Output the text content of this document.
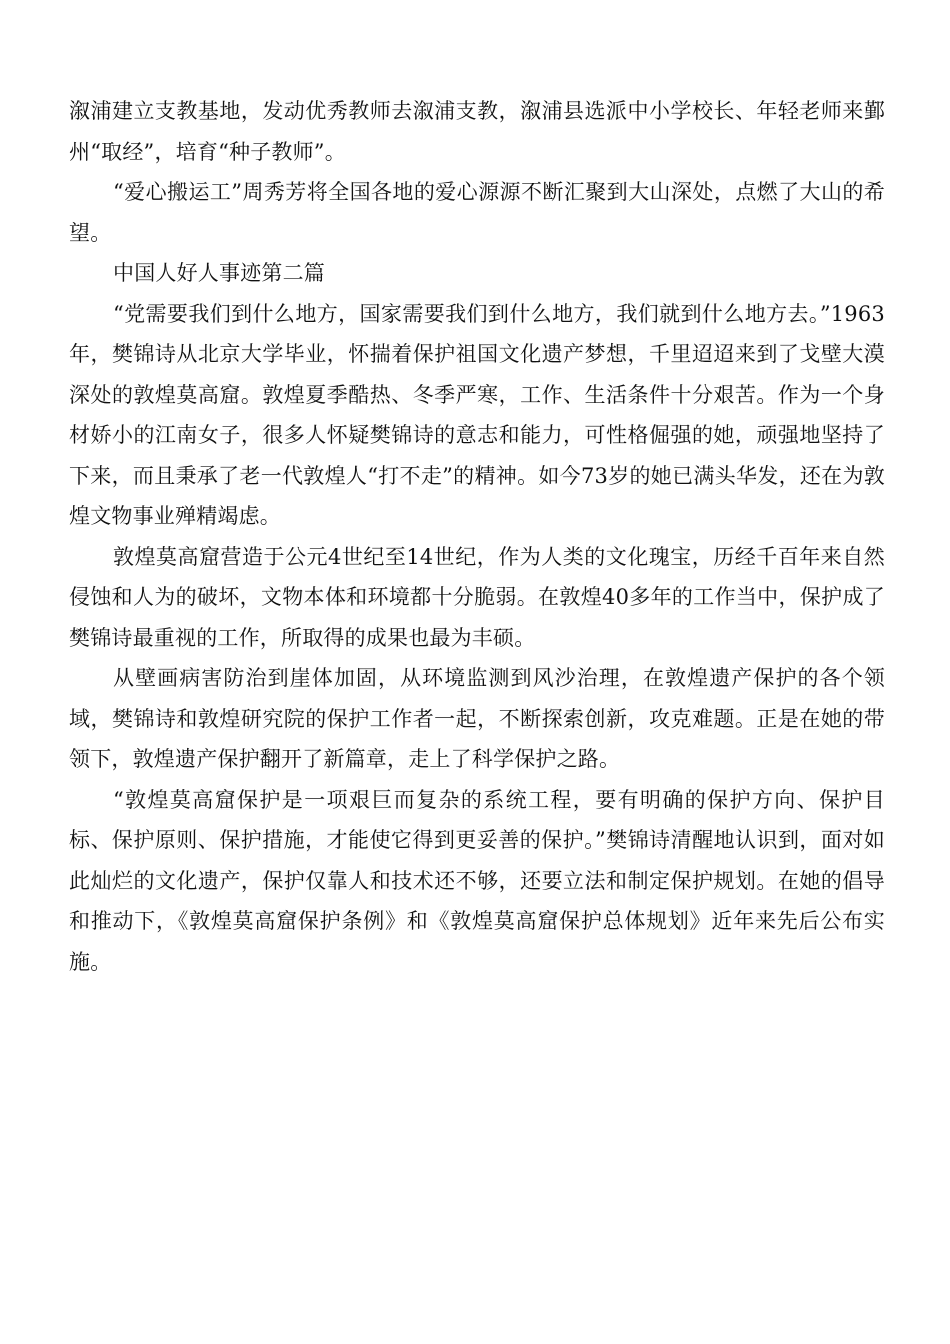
溆浦建立支教基地，发动优秀教师去溆浦支教，溆浦县选派中小学校长、年轻老师来鄞州“取经”，培育“种子教师”。

“爱心搬运工”周秀芳将全国各地的爱心源源不断汇聚到大山深处，点燃了大山的希望。

中国人好人事迹第二篇

“党需要我们到什么地方，国家需要我们到什么地方，我们就到什么地方去。”1963年，樊锦诗从北京大学毕业，怀揣着保护祖国文化遗产梦想，千里迢迢来到了戈壁大漠深处的敦煌莫高窟。敦煌夏季酷热、冬季严寒，工作、生活条件十分艰苦。作为一个身材娇小的江南女子，很多人怀疑樊锦诗的意志和能力，可性格倔强的她，顽强地坚持了下来，而且秉承了老一代敦煌人“打不走”的精神。如今73岁的她已满头华发，还在为敦煌文物事业殚精竭虑。

敦煌莫高窟营造于公元4世纪至14世纪，作为人类的文化瑰宝，历经千百年来自然侵蚀和人为的破坏，文物本体和环境都十分脆弱。在敦煌40多年的工作当中，保护成了樊锦诗最重视的工作，所取得的成果也最为丰硕。

从壁画病害防治到崖体加固，从环境监测到风沙治理，在敦煌遗产保护的各个领域，樊锦诗和敦煌研究院的保护工作者一起，不断探索创新，攻克难题。正是在她的带领下，敦煌遗产保护翻开了新篇章，走上了科学保护之路。

“敦煌莫高窟保护是一项艰巨而复杂的系统工程，要有明确的保护方向、保护目标、保护原则、保护措施，才能使它得到更妥善的保护。”樊锦诗清醒地认识到，面对如此灿烂的文化遗产，保护仅靠人和技术还不够，还要立法和制定保护规划。在她的倡导和推动下，《敦煌莫高窟保护条例》和《敦煌莫高窟保护总体规划》近年来先后公布实施。
